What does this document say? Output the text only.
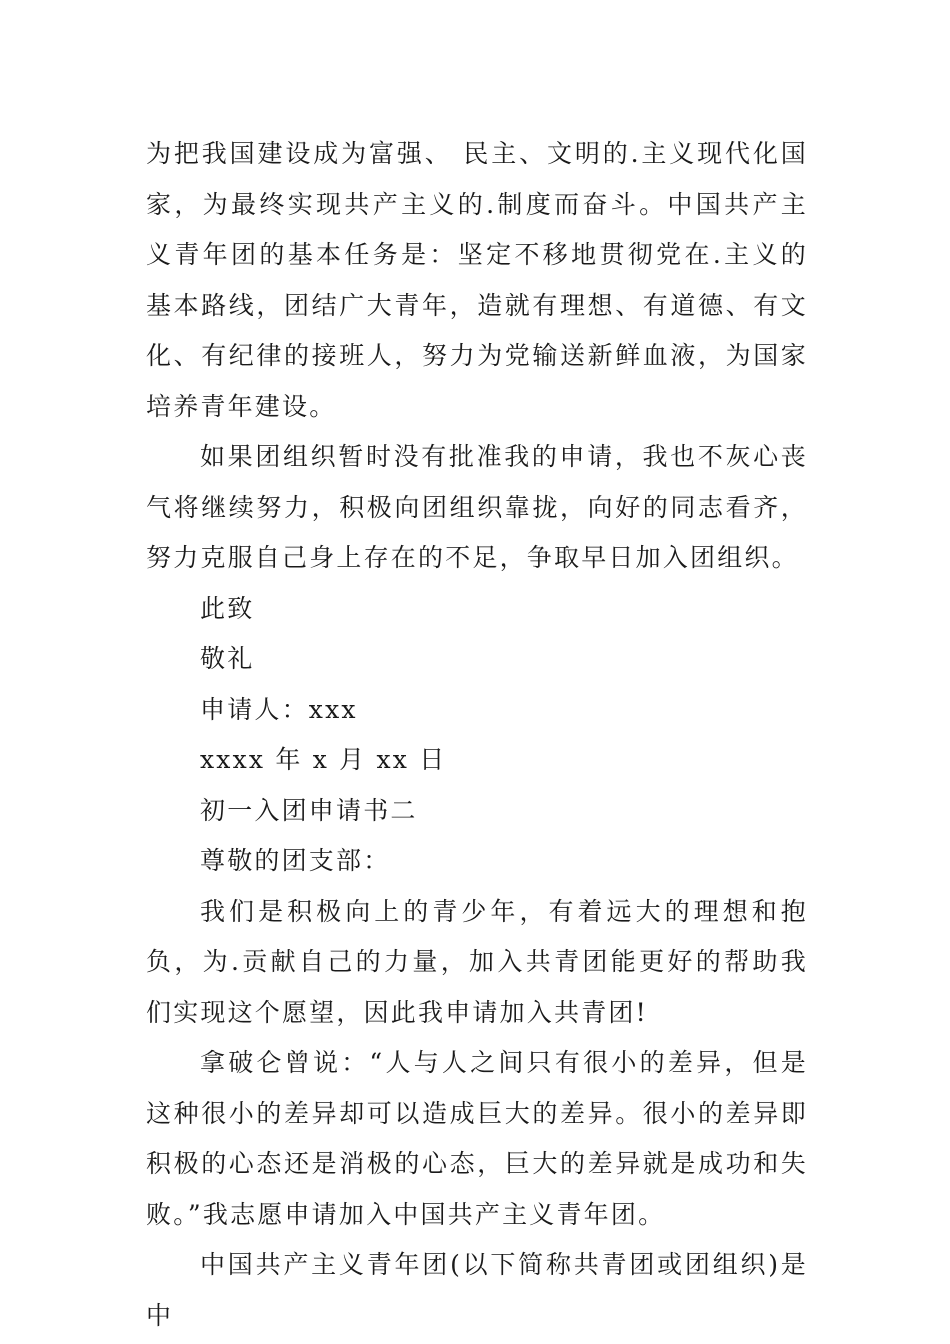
为把我国建设成为富强、 民主、文明的.主义现代化国家，为最终实现共产主义的.制度而奋斗。中国共产主义青年团的基本任务是：坚定不移地贯彻党在.主义的基本路线，团结广大青年，造就有理想、有道德、有文化、有纪律的接班人，努力为党输送新鲜血液，为国家培养青年建设。

如果团组织暂时没有批准我的申请，我也不灰心丧气将继续努力，积极向团组织靠拢，向好的同志看齐，努力克服自己身上存在的不足，争取早日加入团组织。

此致

敬礼

申请人：xxx

xxxx 年 x 月 xx 日

初一入团申请书二

尊敬的团支部：

我们是积极向上的青少年，有着远大的理想和抱负，为.贡献自己的力量，加入共青团能更好的帮助我们实现这个愿望，因此我申请加入共青团!

拿破仑曾说：“人与人之间只有很小的差异，但是这种很小的差异却可以造成巨大的差异。很小的差异即积极的心态还是消极的心态，巨大的差异就是成功和失败。”我志愿申请加入中国共产主义青年团。

中国共产主义青年团(以下简称共青团或团组织)是中
